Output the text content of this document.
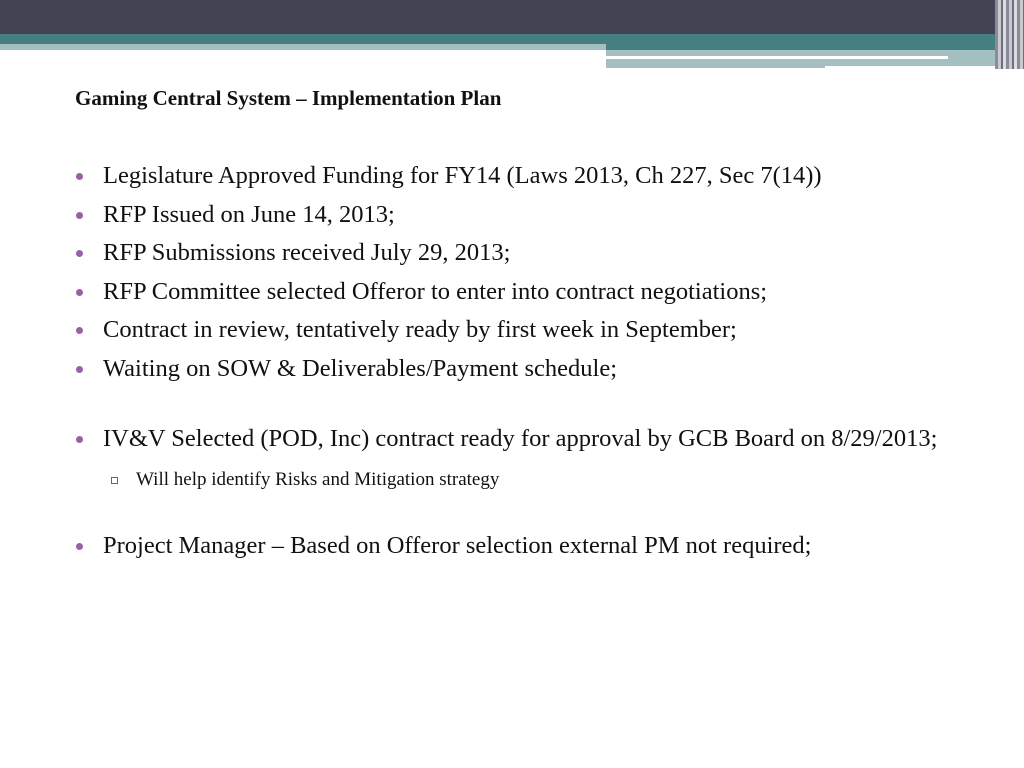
Gaming Central System – Implementation Plan
Legislature Approved Funding for FY14 (Laws 2013, Ch 227, Sec 7(14))
RFP Issued on June 14, 2013;
RFP Submissions received July 29, 2013;
RFP Committee selected Offeror to enter into contract negotiations;
Contract in review, tentatively ready by first week in September;
Waiting on SOW & Deliverables/Payment schedule;
IV&V Selected (POD, Inc) contract ready for approval by GCB Board on 8/29/2013;
Will help identify Risks and Mitigation strategy
Project Manager – Based on Offeror selection external PM not required;
